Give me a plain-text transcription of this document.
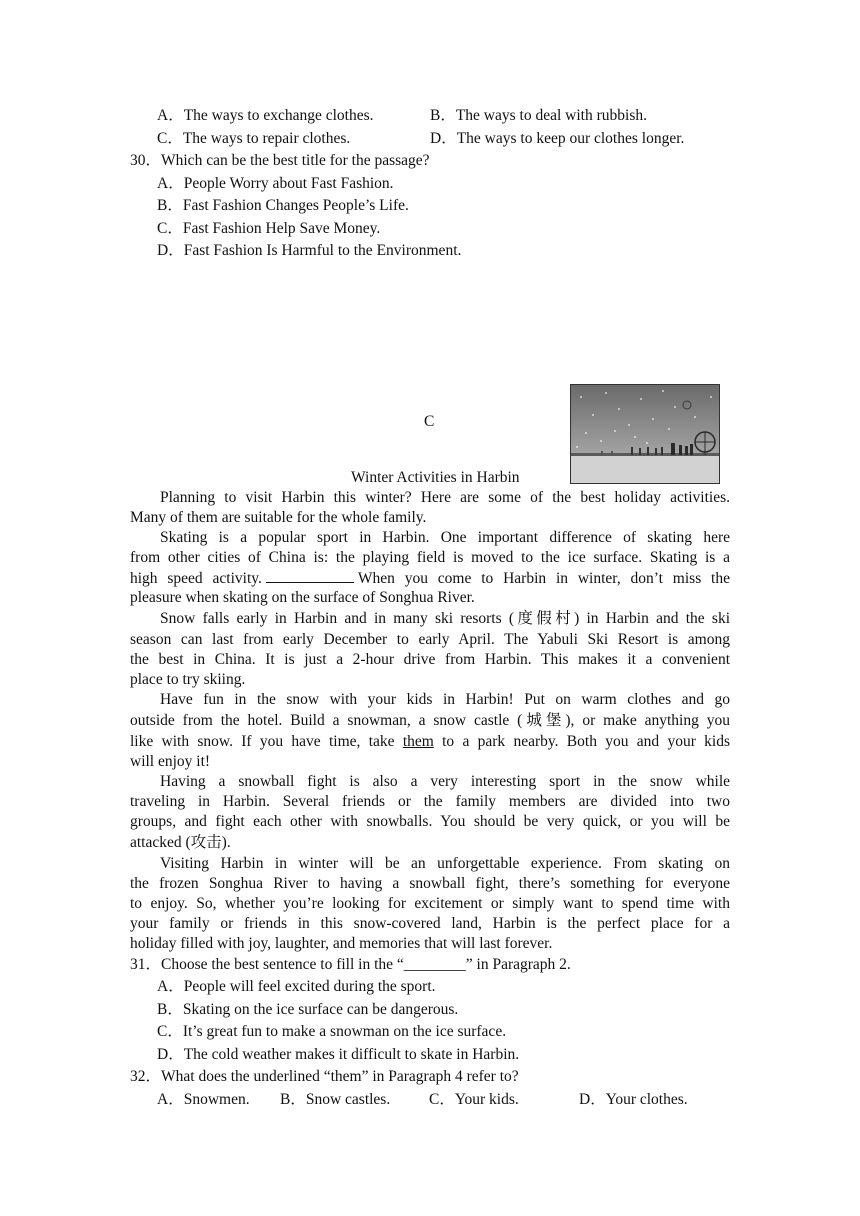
A．The ways to exchange clothes.	B．The ways to deal with rubbish.
C．The ways to repair clothes.	D．The ways to keep our clothes longer.
30．Which can be the best title for the passage?
A．People Worry about Fast Fashion.
B．Fast Fashion Changes People’s Life.
C．Fast Fashion Help Save Money.
D．Fast Fashion Is Harmful to the Environment.
C
Winter Activities in Harbin
Planning to visit Harbin this winter? Here are some of the best holiday activities.
Many of them are suitable for the whole family.
Skating is a popular sport in Harbin. One important difference of skating here
from other cities of China is: the playing field is moved to the ice surface. Skating is a
high speed activity.	When you come to Harbin in winter, don’t miss the
pleasure when skating on the surface of Songhua River.
Snow falls early in Harbin and in many ski resorts (度假村) in Harbin and the ski
season can last from early December to early April. The Yabuli Ski Resort is among
the best in China. It is just a 2-hour drive from Harbin. This makes it a convenient
place to try skiing.
Have fun in the snow with your kids in Harbin! Put on warm clothes and go
outside from the hotel. Build a snowman, a snow castle (城堡), or make anything you
like with snow. If you have time, take them to a park nearby. Both you and your kids
will enjoy it!
Having a snowball fight is also a very interesting sport in the snow while
traveling in Harbin. Several friends or the family members are divided into two
groups, and fight each other with snowballs. You should be very quick, or you will be
attacked (攻击).
Visiting Harbin in winter will be an unforgettable experience. From skating on
the frozen Songhua River to having a snowball fight, there’s something for everyone
to enjoy. So, whether you’re looking for excitement or simply want to spend time with
your family or friends in this snow-covered land, Harbin is the perfect place for a
holiday filled with joy, laughter, and memories that will last forever.
31．Choose the best sentence to fill in the “________” in Paragraph 2.
A．People will feel excited during the sport.
B．Skating on the ice surface can be dangerous.
C．It’s great fun to make a snowman on the ice surface.
D．The cold weather makes it difficult to skate in Harbin.
32．What does the underlined “them” in Paragraph 4 refer to?
A．Snowmen. B．Snow castles.	C．Your kids.	D．Your clothes.
